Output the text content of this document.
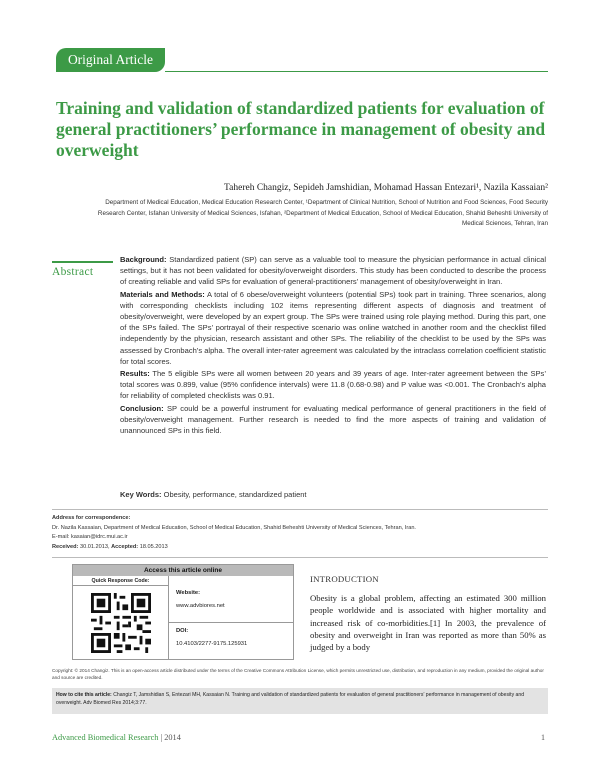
Original Article
Training and validation of standardized patients for evaluation of general practitioners’ performance in management of obesity and overweight
Tahereh Changiz, Sepideh Jamshidian, Mohamad Hassan Entezari¹, Nazila Kassaian²
Department of Medical Education, Medical Education Research Center, ¹Department of Clinical Nutrition, School of Nutrition and Food Sciences, Food Security Research Center, Isfahan University of Medical Sciences, Isfahan, ²Department of Medical Education, School of Medical Education, Shahid Beheshti University of Medical Sciences, Tehran, Iran
Abstract

Background: Standardized patient (SP) can serve as a valuable tool to measure the physician performance in actual clinical settings, but it has not been validated for obesity/overweight disorders. This study has been conducted to describe the process of creating reliable and valid SPs for evaluation of general-practitioners’ management of obesity/overweight in Iran.

Materials and Methods: A total of 6 obese/overweight volunteers (potential SPs) took part in training. Three scenarios, along with corresponding checklists including 102 items representing different aspects of diagnosis and treatment of obesity/overweight, were developed by an expert group. The SPs were trained using role playing method. During this part, one of the SPs failed. The SPs’ portrayal of their respective scenario was online watched in another room and the checklist filled independently by the physician, research assistant and other SPs. The reliability of the checklist to be used by the SPs was assessed by Cronbach’s alpha. The overall inter-rater agreement was calculated by the intraclass correlation coefficient statistic for total scores.

Results: The 5 eligible SPs were all women between 20 years and 39 years of age. Inter-rater agreement between the SPs’ total scores was 0.899, value (95% confidence intervals) were 11.8 (0.68-0.98) and P value was <0.001. The Cronbach’s alpha for reliability of completed checklists was 0.91.

Conclusion: SP could be a powerful instrument for evaluating medical performance of general practitioners in the field of obesity/overweight management. Further research is needed to find the more aspects of training and validation of unannounced SPs in this field.

Key Words: Obesity, performance, standardized patient
Address for correspondence:
Dr. Nazila Kassaian, Department of Medical Education, School of Medical Education, Shahid Beheshti University of Medical Sciences, Tehran, Iran.
E-mail: kasaian@idrc.mui.ac.ir
Received: 30.01.2013, Accepted: 18.05.2013
Access this article online
Quick Response Code:
Website:
www.advbiores.net
DOI:
10.4103/2277-9175.125931
INTRODUCTION
Obesity is a global problem, affecting an estimated 300 million people worldwide and is associated with higher mortality and increased risk of co-morbidities.[1] In 2003, the prevalence of obesity and overweight in Iran was reported as more than 50% as judged by a body
Copyright: © 2014 Changiz. This is an open-access article distributed under the terms of the Creative Commons Attribution License, which permits unrestricted use, distribution, and reproduction in any medium, provided the original author and source are credited.
How to cite this article: Changiz T, Jamshidian S, Entezari MH, Kassaian N. Training and validation of standardized patients for evaluation of general practitioners’ performance in management of obesity and overweight. Adv Biomed Res 2014;3:77.
Advanced Biomedical Research | 2014	1
